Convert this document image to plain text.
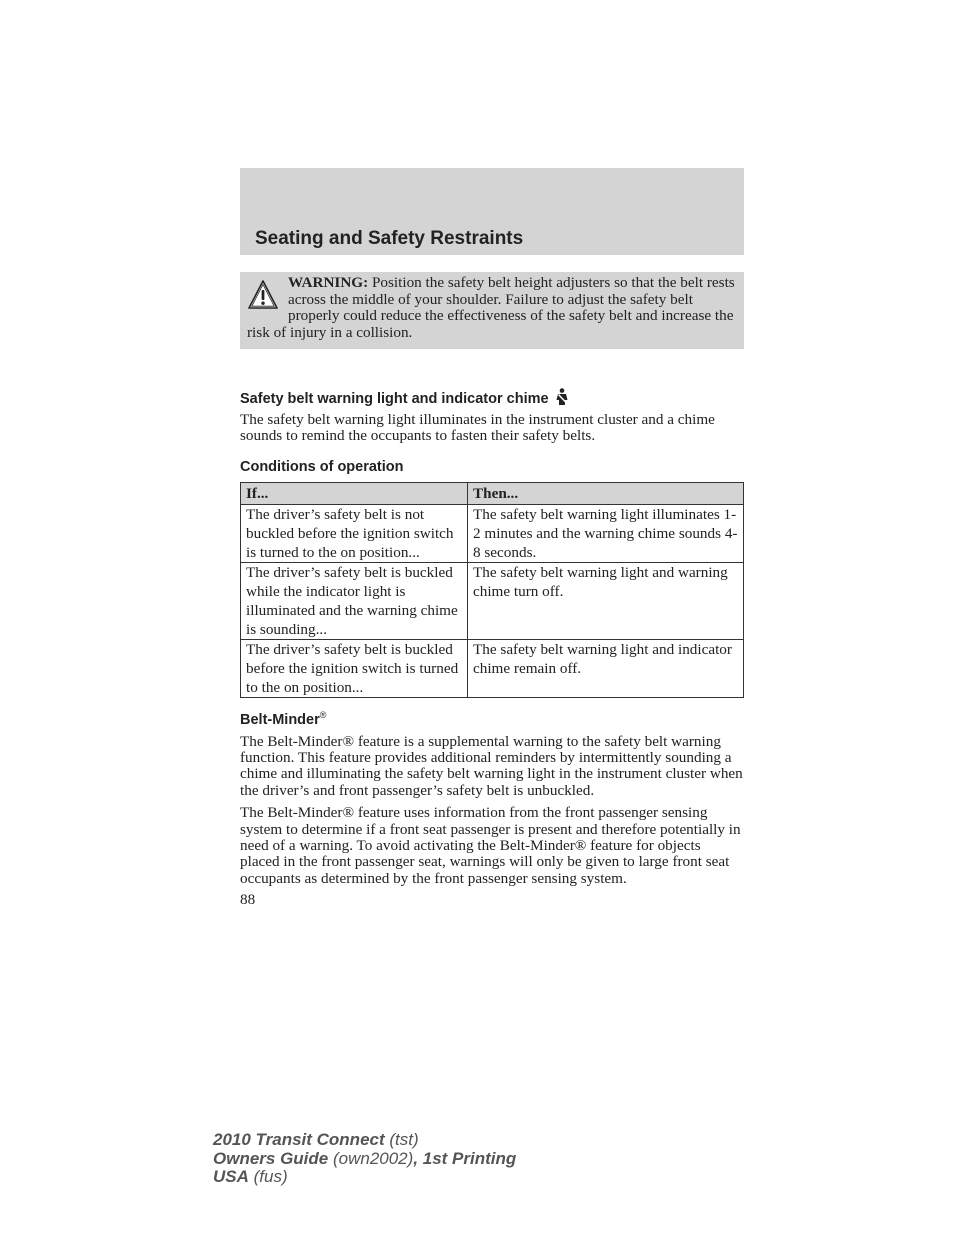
Seating and Safety Restraints
WARNING: Position the safety belt height adjusters so that the belt rests across the middle of your shoulder. Failure to adjust the safety belt properly could reduce the effectiveness of the safety belt and increase the risk of injury in a collision.
Safety belt warning light and indicator chime

The safety belt warning light illuminates in the instrument cluster and a chime sounds to remind the occupants to fasten their safety belts.

Conditions of operation
If...	Then...
The driver’s safety belt is not buckled before the ignition switch is turned to the on position...	The safety belt warning light illuminates 1-2 minutes and the warning chime sounds 4-8 seconds.
The driver’s safety belt is buckled while the indicator light is illuminated and the warning chime is sounding...	The safety belt warning light and warning chime turn off.
The driver’s safety belt is buckled before the ignition switch is turned to the on position...	The safety belt warning light and indicator chime remain off.
Belt-Minder®

The Belt-Minder® feature is a supplemental warning to the safety belt warning function. This feature provides additional reminders by intermittently sounding a chime and illuminating the safety belt warning light in the instrument cluster when the driver’s and front passenger’s safety belt is unbuckled.

The Belt-Minder® feature uses information from the front passenger sensing system to determine if a front seat passenger is present and therefore potentially in need of a warning. To avoid activating the Belt-Minder® feature for objects placed in the front passenger seat, warnings will only be given to large front seat occupants as determined by the front passenger sensing system.

88
2010 Transit Connect (tst)
Owners Guide (own2002), 1st Printing
USA (fus)
